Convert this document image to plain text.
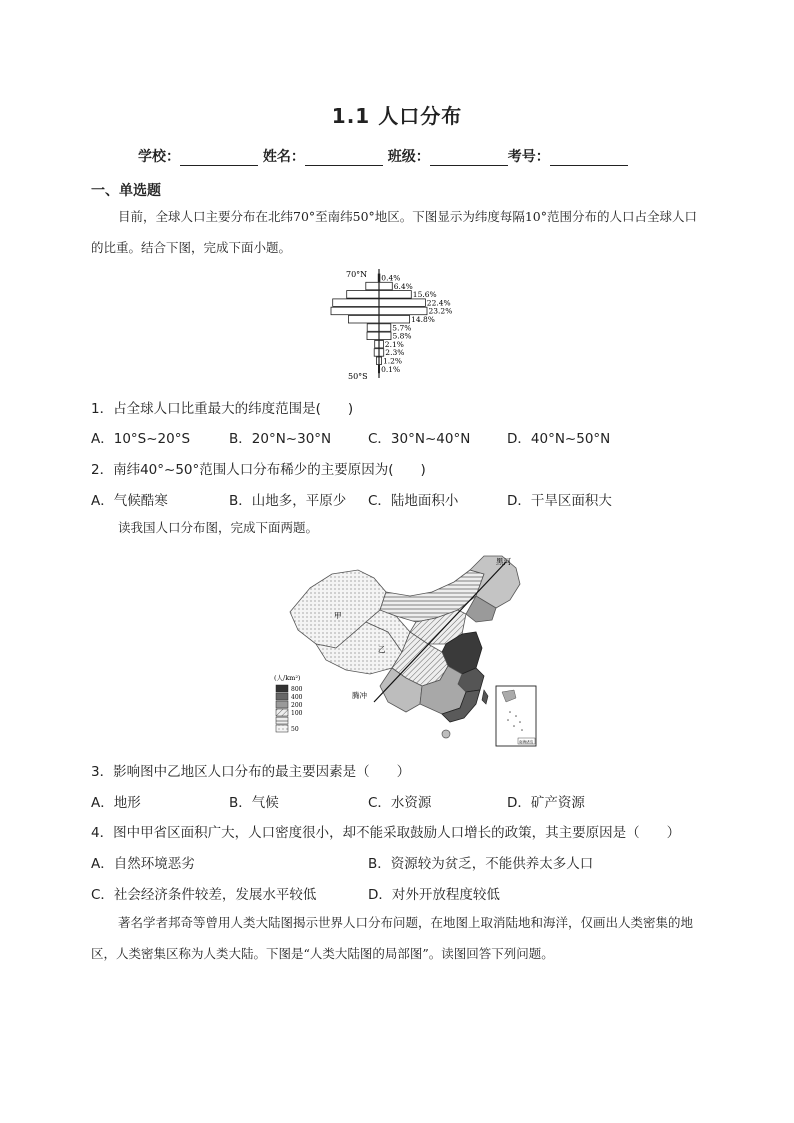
1.1 人口分布
学校：	姓名：	班级：	考号：
一、单选题
目前，全球人口主要分布在北纬70°至南纬50°地区。下图显示为纬度每隔10°范围分布的人口占全球人口的比重。结合下图，完成下面小题。
70°N
50°S
0.4%
6.4%
15.6%
22.4%
23.2%
14.8%
5.7%
5.8%
2.1%
2.3%
1.2%
0.1%
1．占全球人口比重最大的纬度范围是(　　)
A．10°S~20°S	B．20°N~30°N	C．30°N~40°N	D．40°N~50°N
2．南纬40°~50°范围人口分布稀少的主要原因为(　　)
A．气候酷寒	B．山地多，平原少 C．陆地面积小	D．干旱区面积大
读我国人口分布图，完成下面两题。
黑河
腾冲
甲
乙
(人/km²)
800
400
200
100
50
南海诸岛
3．影响图中乙地区人口分布的最主要因素是（　　）
A．地形	B．气候	C．水资源	D．矿产资源
4．图中甲省区面积广大，人口密度很小，却不能采取鼓励人口增长的政策，其主要原因是（　　）
A．自然环境恶劣	B．资源较为贫乏，不能供养太多人口
C．社会经济条件较差，发展水平较低	D．对外开放程度较低
著名学者邦奇等曾用人类大陆图揭示世界人口分布问题，在地图上取消陆地和海洋，仅画出人类密集的地区，人类密集区称为人类大陆。下图是“人类大陆图的局部图”。读图回答下列问题。
